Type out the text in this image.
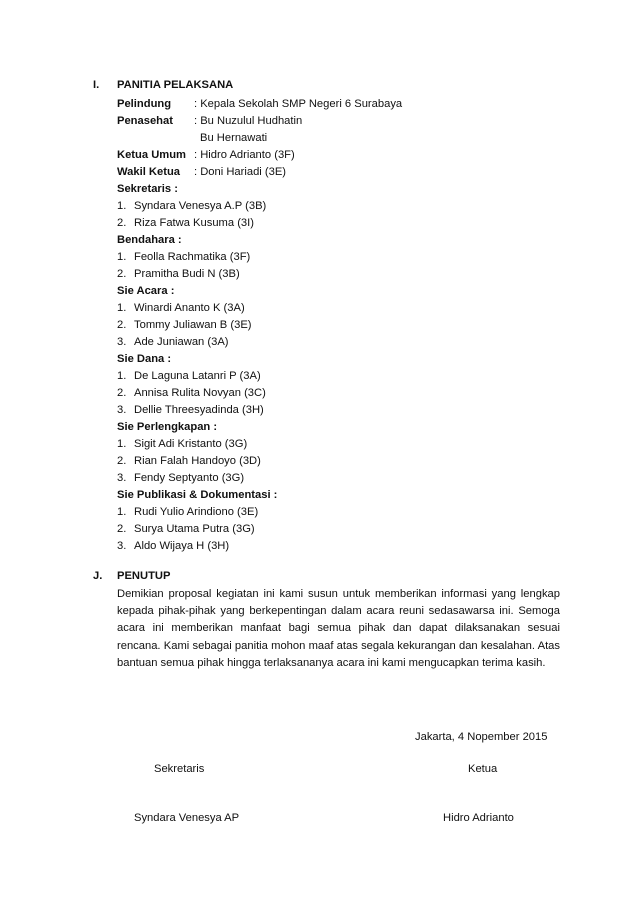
I. PANITIA PELAKSANA
Pelindung : Kepala Sekolah SMP Negeri 6 Surabaya
Penasehat : Bu Nuzulul Hudhatin
Bu Hernawati
Ketua Umum : Hidro Adrianto (3F)
Wakil Ketua : Doni Hariadi (3E)
Sekretaris :
1. Syndara Venesya A.P (3B)
2. Riza Fatwa Kusuma (3I)
Bendahara :
1. Feolla Rachmatika (3F)
2. Pramitha Budi N (3B)
Sie Acara :
1. Winardi Ananto K (3A)
2. Tommy Juliawan B (3E)
3. Ade Juniawan (3A)
Sie Dana :
1. De Laguna Latanri P (3A)
2. Annisa Rulita Novyan (3C)
3. Dellie Threesyadinda (3H)
Sie Perlengkapan :
1. Sigit Adi Kristanto (3G)
2. Rian Falah Handoyo (3D)
3. Fendy Septyanto (3G)
Sie Publikasi & Dokumentasi :
1. Rudi Yulio Arindiono (3E)
2. Surya Utama Putra (3G)
3. Aldo Wijaya H (3H)
J. PENUTUP

Demikian proposal kegiatan ini kami susun untuk memberikan informasi yang lengkap kepada pihak-pihak yang berkepentingan dalam acara reuni sedasawarsa ini. Semoga acara ini memberikan manfaat bagi semua pihak dan dapat dilaksanakan sesuai rencana. Kami sebagai panitia mohon maaf atas segala kekurangan dan kesalahan. Atas bantuan semua pihak hingga terlaksananya acara ini kami mengucapkan terima kasih.

Jakarta, 4 Nopember 2015
Sekretaris	Ketua
Syndara Venesya AP	Hidro Adrianto
